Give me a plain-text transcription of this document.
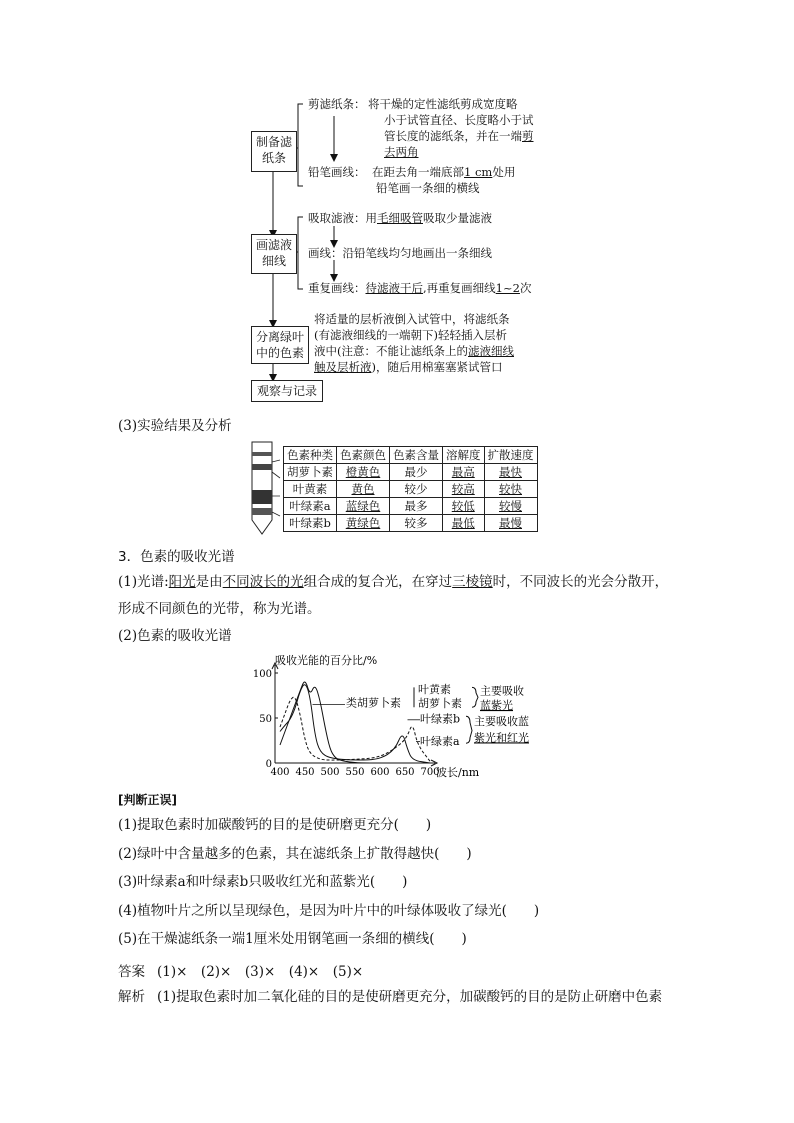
制备滤
纸条
画滤液
细线
分离绿叶
中的色素
观察与记录
剪滤纸条： 将干燥的定性滤纸剪成宽度略
小于试管直径、长度略小于试
管长度的滤纸条，并在一端剪
去两角
铅笔画线： 在距去角一端底部1 cm处用
铅笔画一条细的横线
吸取滤液：用毛细吸管吸取少量滤液
画线：沿铅笔线均匀地画出一条细线
重复画线：待滤液干后,再重复画细线1~2次
将适量的层析液倒入试管中，将滤纸条
(有滤液细线的一端朝下)轻轻插入层析
液中(注意：不能让滤纸条上的滤液细线
触及层析液)，随后用棉塞塞紧试管口
(3)实验结果及分析
色素种类	色素颜色	色素含量	溶解度	扩散速度
胡萝卜素	橙黄色	最少	最高	最快
叶黄素	黄色	较少	较高	较快
叶绿素a	蓝绿色	最多	较低	较慢
叶绿素b	黄绿色	较多	最低	最慢
3．色素的吸收光谱
(1)光谱:阳光是由不同波长的光组合成的复合光，在穿过三棱镜时，不同波长的光会分散开，
形成不同颜色的光带，称为光谱。
(2)色素的吸收光谱
吸收光能的百分比/%
波长/nm
400 450 500 550 600 650 700
0
50
100
类胡萝卜素
叶黄素
胡萝卜素
主要吸收
蓝紫光
叶绿素b
叶绿素a
主要吸收蓝
紫光和红光
[判断正误]
(1)提取色素时加碳酸钙的目的是使研磨更充分(　　)
(2)绿叶中含量越多的色素，其在滤纸条上扩散得越快(　　)
(3)叶绿素a和叶绿素b只吸收红光和蓝紫光(　　)
(4)植物叶片之所以呈现绿色，是因为叶片中的叶绿体吸收了绿光(　　)
(5)在干燥滤纸条一端1厘米处用钢笔画一条细的横线(　　)
答案 (1)×　(2)×　(3)×　(4)×　(5)×
解析 (1)提取色素时加二氧化硅的目的是使研磨更充分，加碳酸钙的目的是防止研磨中色素
